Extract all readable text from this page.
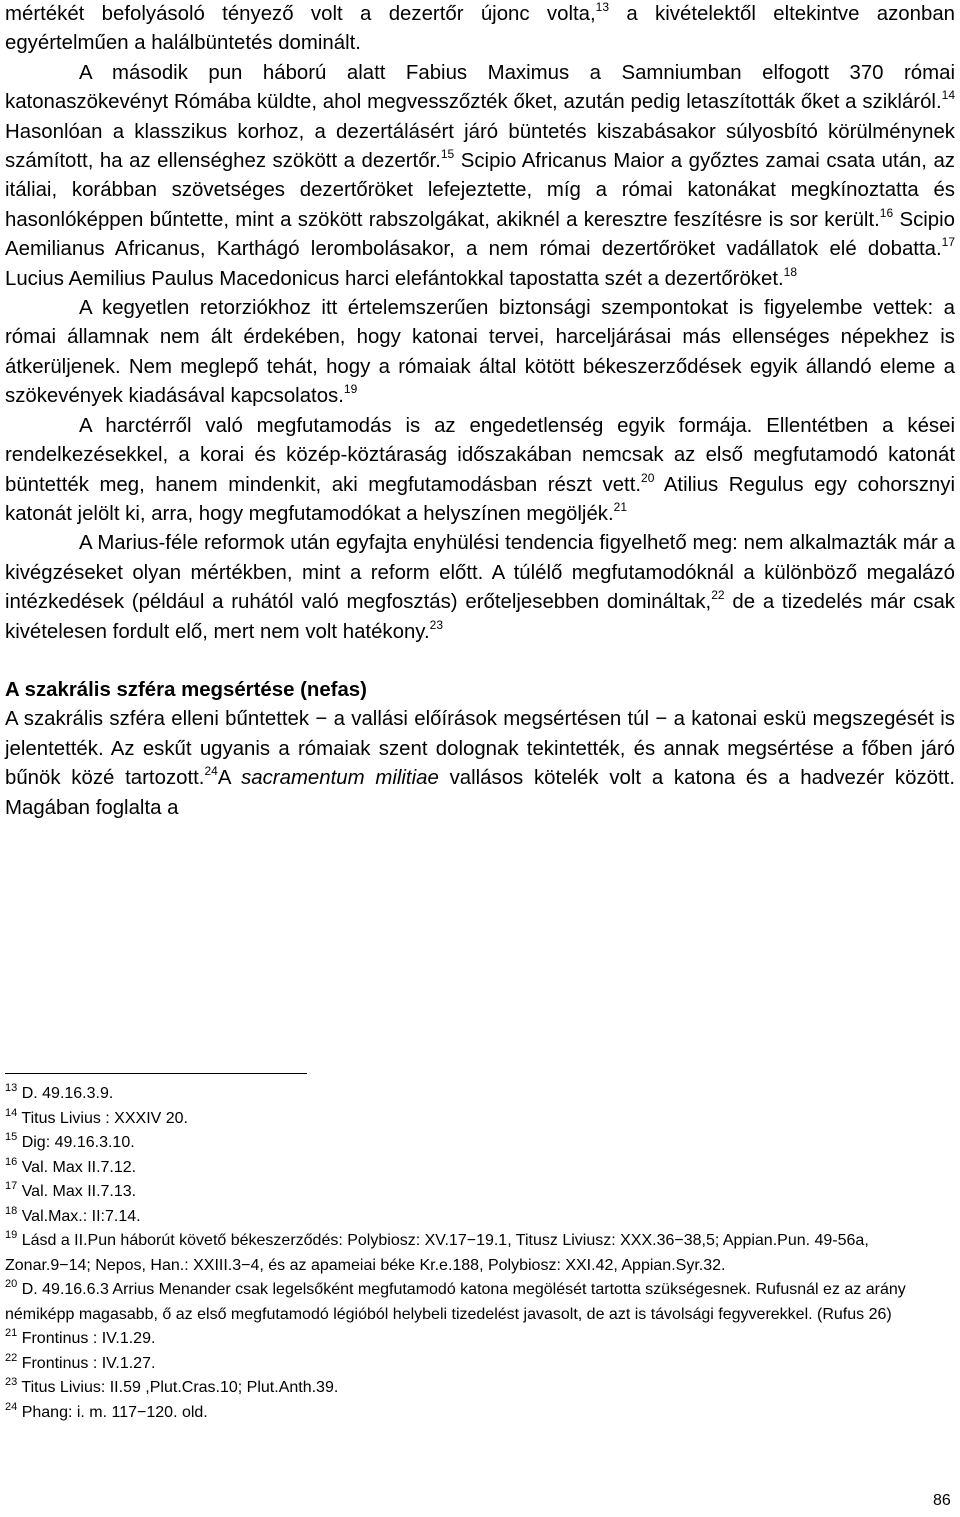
mértékét befolyásoló tényező volt a dezertőr újonc volta,$^{13}$ a kivételektől eltekintve azonban egyértelműen a halálbüntetés dominált.

A második pun háború alatt Fabius Maximus a Samniumban elfogott 370 római katonaszökevényt Rómába küldte, ahol megvesszőzték őket, azután pedig letaszították őket a szikláról.$^{14}$ Hasonlóan a klasszikus korhoz, a dezertálásért járó büntetés kiszabásakor súlyosbító körülménynek számított, ha az ellenséghez szökött a dezertőr.$^{15}$ Scipio Africanus Maior a győztes zamai csata után, az itáliai, korábban szövetséges dezertőröket lefejeztette, míg a római katonákat megkínoztatta és hasonlóképpen bűntette, mint a szökött rabszolgákat, akiknél a keresztre feszítésre is sor került.$^{16}$ Scipio Aemilianus Africanus, Karthágó lerombolásakor, a nem római dezertőröket vadállatok elé dobatta.$^{17}$ Lucius Aemilius Paulus Macedonicus harci elefántokkal tapostatta szét a dezertőröket.$^{18}$

A kegyetlen retorziókhoz itt értelemszerűen biztonsági szempontokat is figyelembe vettek: a római államnak nem ált érdekében, hogy katonai tervei, harceljárásai más ellenséges népekhez is átkerüljenek. Nem meglepő tehát, hogy a rómaiak által kötött békeszerződések egyik állandó eleme a szökevények kiadásával kapcsolatos.$^{19}$

A harctérről való megfutamodás is az engedetlenség egyik formája. Ellentétben a kései rendelkezésekkel, a korai és közép-köztáraság időszakában nemcsak az első megfutamodó katonát büntették meg, hanem mindenkit, aki megfutamodásban részt vett.$^{20}$ Atilius Regulus egy cohorsznyi katonát jelölt ki, arra, hogy megfutamodókat a helyszínen megöljék.$^{21}$

A Marius-féle reformok után egyfajta enyhülési tendencia figyelhető meg: nem alkalmazták már a kivégzéseket olyan mértékben, mint a reform előtt. A túlélő megfutamodóknál a különböző megalázó intézkedések (például a ruhától való megfosztás) erőteljesebben domináltak,$^{22}$ de a tizedelés már csak kivételesen fordult elő, mert nem volt hatékony.$^{23}$

A szakrális szféra megsértése (nefas)

A szakrális szféra elleni bűntettek − a vallási előírások megsértésen túl − a katonai eskü megszegését is jelentették. Az eskűt ugyanis a rómaiak szent dolognak tekintették, és annak megsértése a főben járó bűnök közé tartozott.$^{24}$A sacramentum militiae vallásos kötelék volt a katona és a hadvezér között. Magában foglalta a

$^{13}$ D. 49.16.3.9.

$^{14}$ Titus Livius : XXXIV 20.

$^{15}$ Dig: 49.16.3.10.

$^{16}$ Val. Max II.7.12.

$^{17}$ Val. Max II.7.13.

$^{18}$ Val.Max.: II:7.14.

$^{19}$ Lásd a II.Pun háborút követő békeszerződés: Polybiosz: XV.17−19.1, Titusz Liviusz: XXX.36−38,5; Appian.Pun. 49-56a, Zonar.9−14; Nepos, Han.: XXIII.3−4, és az apameiai béke Kr.e.188, Polybiosz: XXI.42, Appian.Syr.32.

$^{20}$ D. 49.16.6.3 Arrius Menander csak legelsőként megfutamodó katona megölését tartotta szükségesnek. Rufusnál ez az arány némiképp magasabb, ő az első megfutamodó légióból helybeli tizedelést javasolt, de azt is távolsági fegyverekkel. (Rufus 26)

$^{21}$ Frontinus : IV.1.29.

$^{22}$ Frontinus : IV.1.27.

$^{23}$ Titus Livius: II.59 ,Plut.Cras.10; Plut.Anth.39.

$^{24}$ Phang: i. m. 117−120. old.

86
